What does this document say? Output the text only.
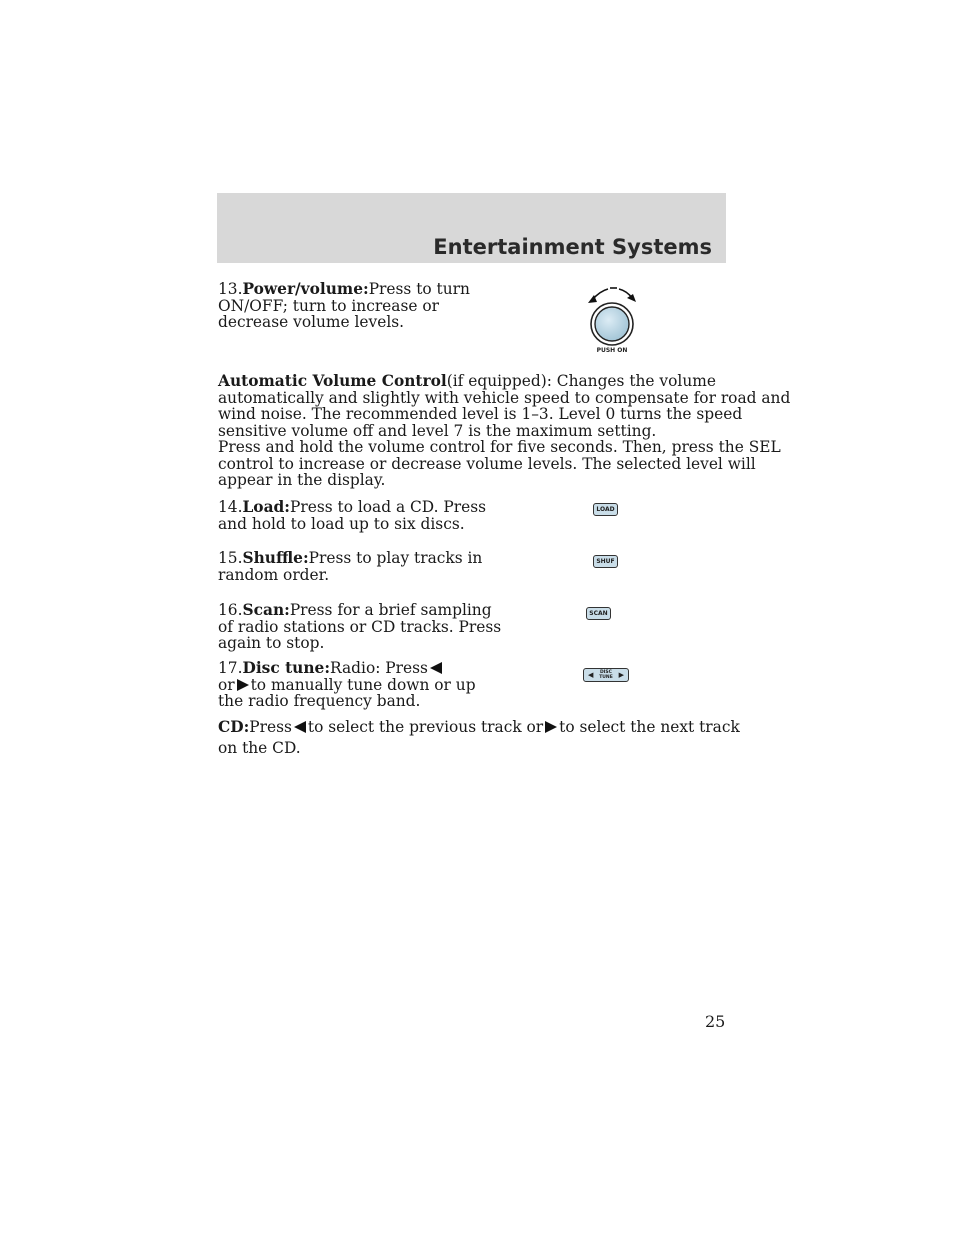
Entertainment Systems
13.Power/volume:Press to turn
ON/OFF; turn to increase or
decrease volume levels.
PUSH ON
Automatic Volume Control(if equipped): Changes the volume
automatically and slightly with vehicle speed to compensate for road and
wind noise. The recommended level is 1–3. Level 0 turns the speed
sensitive volume off and level 7 is the maximum setting.
Press and hold the volume control for five seconds. Then, press the SEL
control to increase or decrease volume levels. The selected level will
appear in the display.
14.Load:Press to load a CD. Press
and hold to load up to six discs.
LOAD
15.Shuffle:Press to play tracks in
random order.
SHUF
16.Scan:Press for a brief sampling
of radio stations or CD tracks. Press
again to stop.
SCAN
17.Disc tune:Radio: Press
or to manually tune down or up
the radio frequency band.
◀ DISC
TUNE ▶
CD:Press to select the previous track or to select the next track
on the CD.
25
